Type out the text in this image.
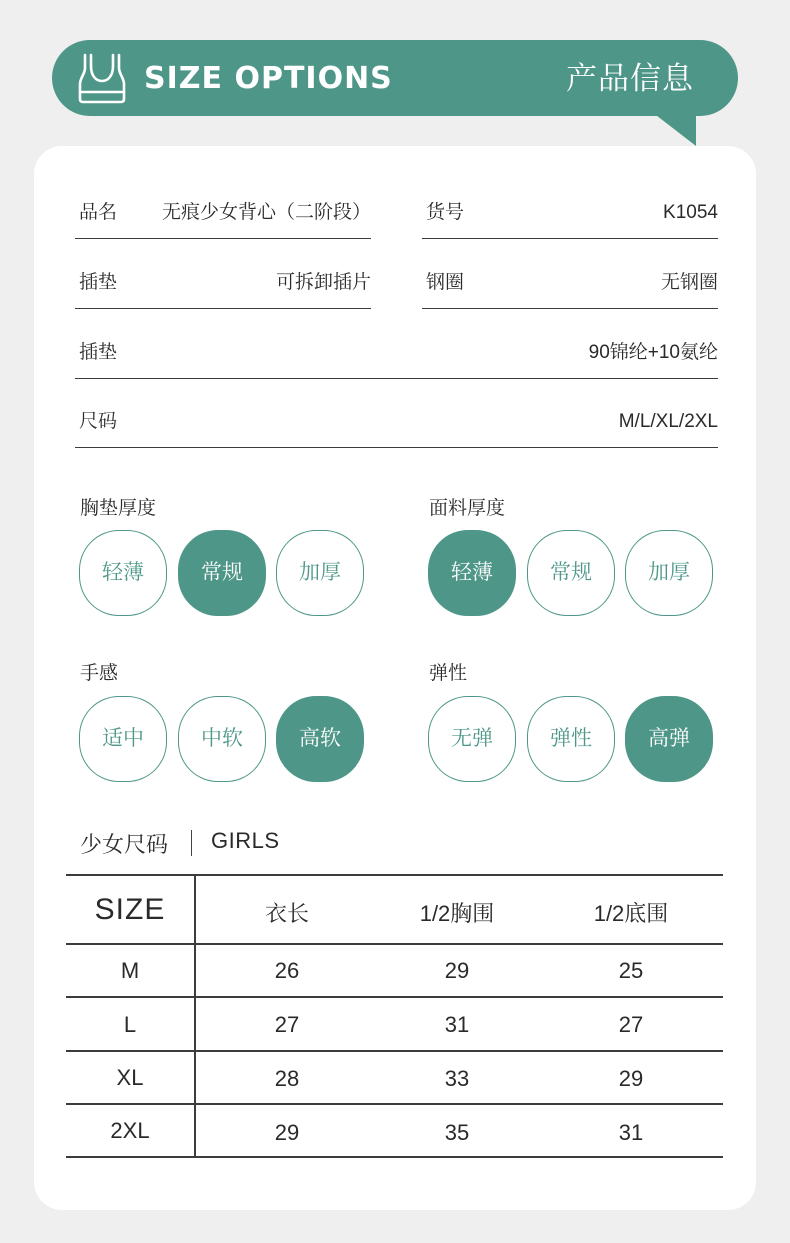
SIZE OPTIONS	产品信息
品名 无痕少女背心（二阶段）	货号	K1054
插垫	可拆卸插片	钢圈	无钢圈
插垫	90锦纶+10氨纶
尺码	M/L/XL/2XL
胸垫厚度
轻薄	常规	加厚
面料厚度
轻薄	常规	加厚
手感
适中	中软	高软
弹性
无弹	弹性	高弹
少女尺码 GIRLS
SIZE	衣长	1/2胸围	1/2底围
M	26	29	25
L	27	31	27
XL	28	33	29
2XL	29	35	31
